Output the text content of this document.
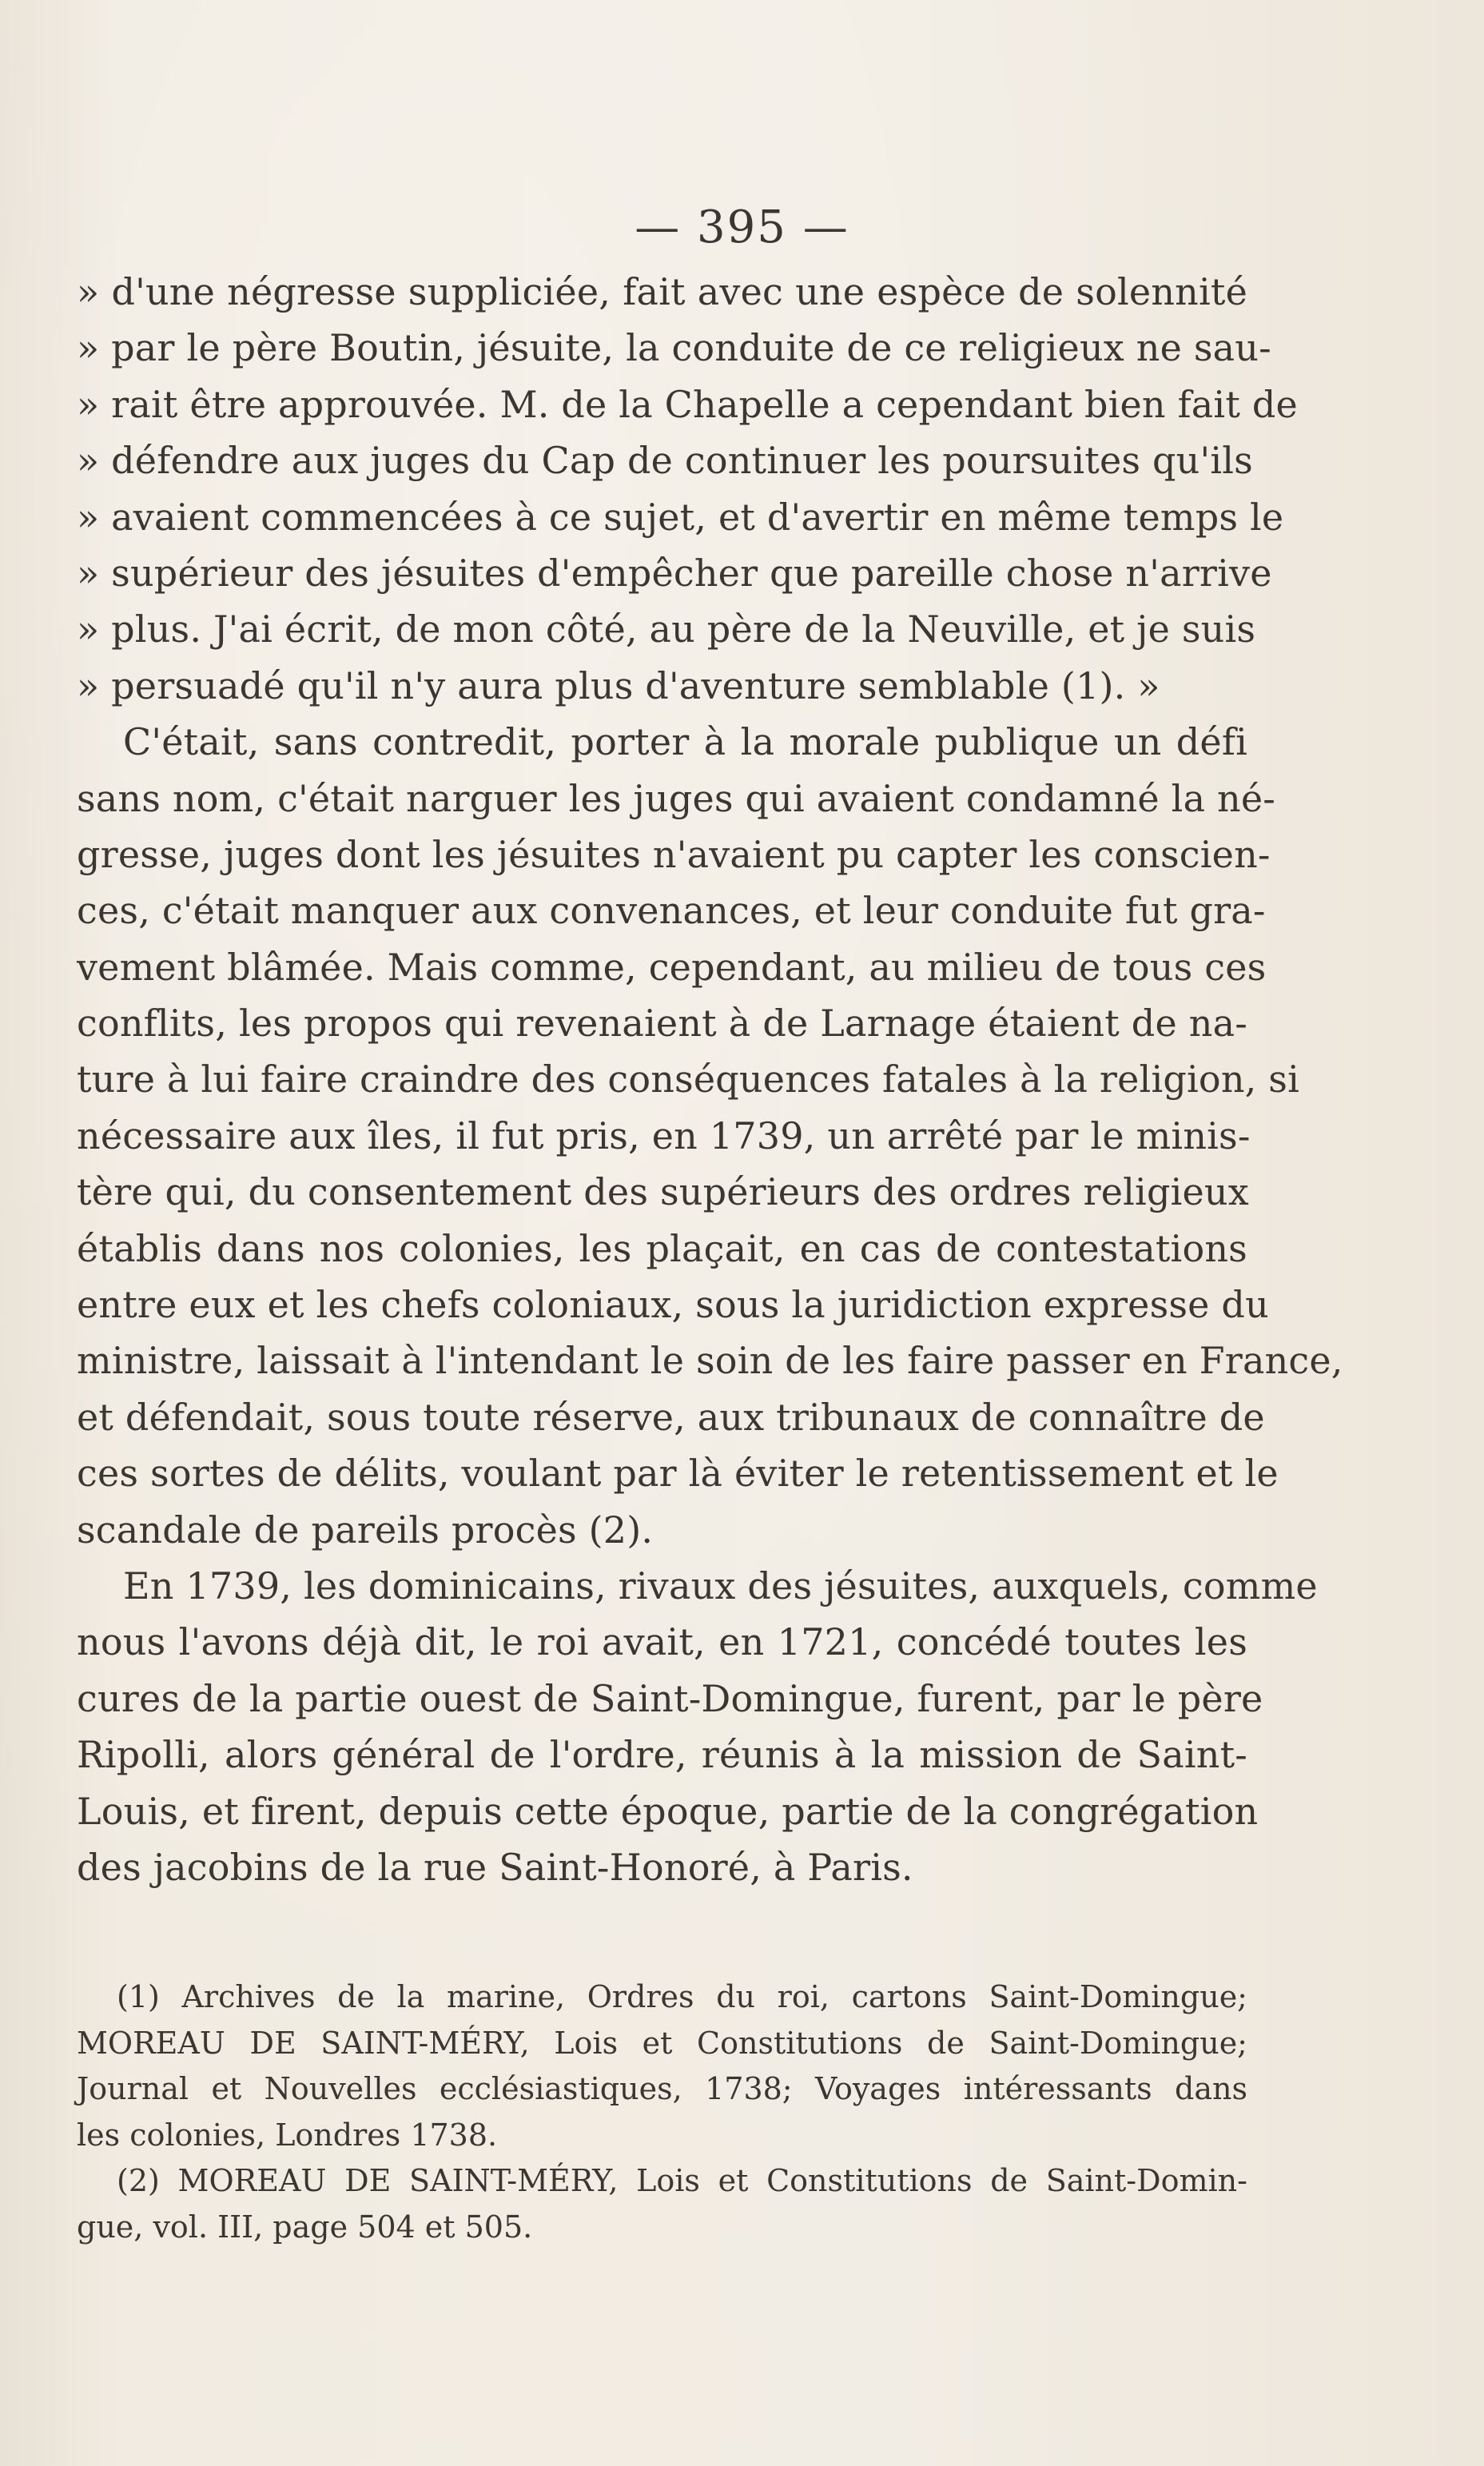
— 395 —
» d'une négresse suppliciée, fait avec une espèce de solennité
» par le père Boutin, jésuite, la conduite de ce religieux ne sau-
» rait être approuvée. M. de la Chapelle a cependant bien fait de
» défendre aux juges du Cap de continuer les poursuites qu'ils
» avaient commencées à ce sujet, et d'avertir en même temps le
» supérieur des jésuites d'empêcher que pareille chose n'arrive
» plus. J'ai écrit, de mon côté, au père de la Neuville, et je suis
» persuadé qu'il n'y aura plus d'aventure semblable (1). »
C'était, sans contredit, porter à la morale publique un défi
sans nom, c'était narguer les juges qui avaient condamné la né-
gresse, juges dont les jésuites n'avaient pu capter les conscien-
ces, c'était manquer aux convenances, et leur conduite fut gra-
vement blâmée. Mais comme, cependant, au milieu de tous ces
conflits, les propos qui revenaient à de Larnage étaient de na-
ture à lui faire craindre des conséquences fatales à la religion, si
nécessaire aux îles, il fut pris, en 1739, un arrêté par le minis-
tère qui, du consentement des supérieurs des ordres religieux
établis dans nos colonies, les plaçait, en cas de contestations
entre eux et les chefs coloniaux, sous la juridiction expresse du
ministre, laissait à l'intendant le soin de les faire passer en France,
et défendait, sous toute réserve, aux tribunaux de connaître de
ces sortes de délits, voulant par là éviter le retentissement et le
scandale de pareils procès (2).
En 1739, les dominicains, rivaux des jésuites, auxquels, comme
nous l'avons déjà dit, le roi avait, en 1721, concédé toutes les
cures de la partie ouest de Saint-Domingue, furent, par le père
Ripolli, alors général de l'ordre, réunis à la mission de Saint-
Louis, et firent, depuis cette époque, partie de la congrégation
des jacobins de la rue Saint-Honoré, à Paris.
(1) Archives de la marine, Ordres du roi, cartons Saint-Domingue;
MOREAU DE SAINT-MÉRY, Lois et Constitutions de Saint-Domingue;
Journal et Nouvelles ecclésiastiques, 1738; Voyages intéressants dans
les colonies, Londres 1738.
(2) MOREAU DE SAINT-MÉRY, Lois et Constitutions de Saint-Domin-
gue, vol. III, page 504 et 505.
